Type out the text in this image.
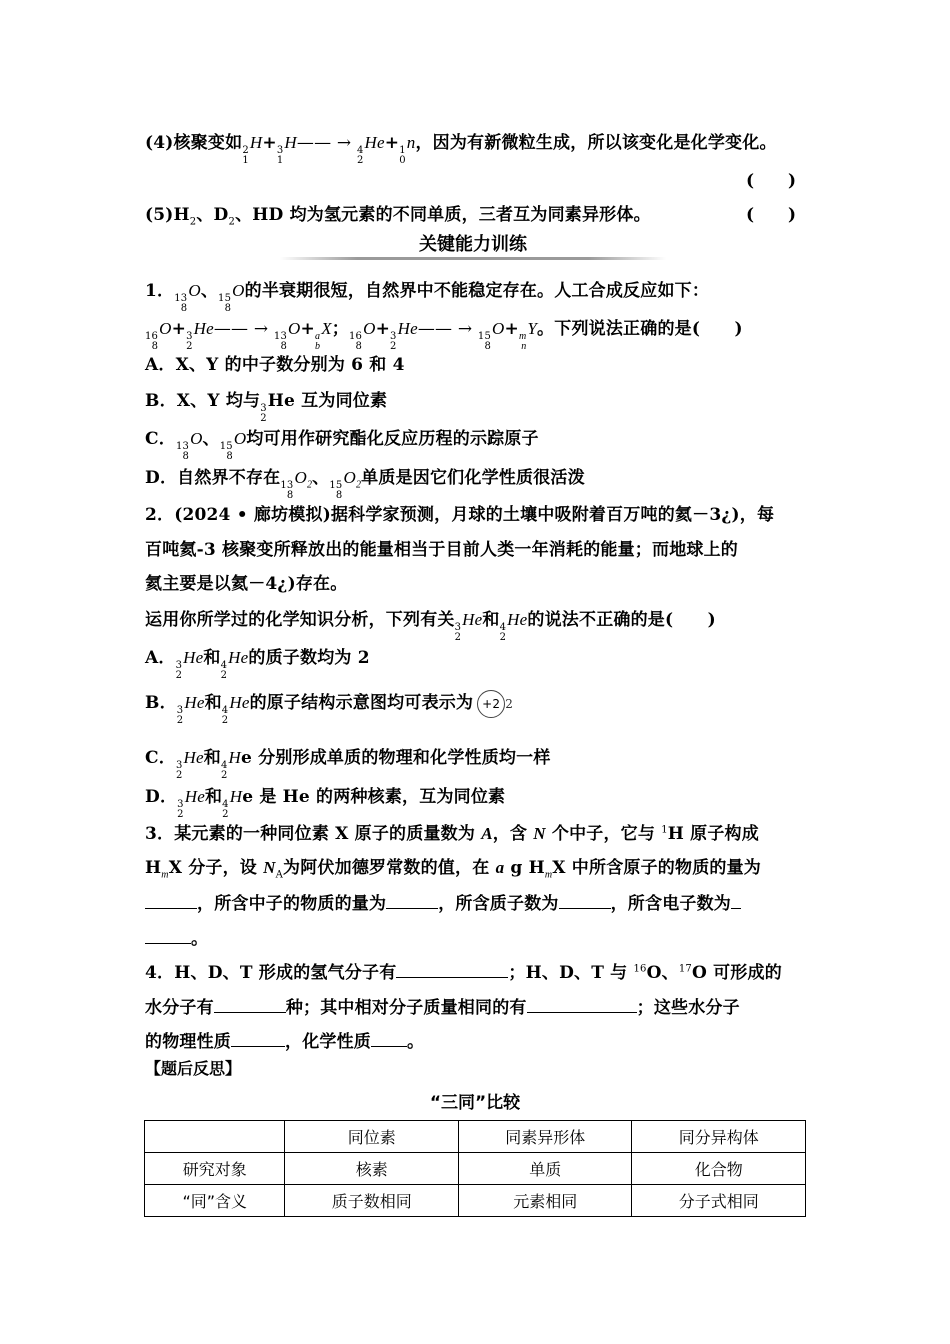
(4)核聚变如 2
1
H+ 3
1
H—— → 4
2
He+ 1
0
n，因为有新微粒生成，所以该变化是化学变化。
(　　)
$(5)H_2$、$D_2$、HD 均为氢元素的不同单质，三者互为同素异形体。	(　　)
关键能力训练
1． 13
8
O、 15
8
O的半衰期很短，自然界中不能稳定存在。人工合成反应如下：
16
8
O+ 3
2
He—— → 13
8
O+ a
b
X； 16
8
O+ 3
2
He—— → 15
8
O+ m
n
Y。下列说法正确的是(　　)
A．X、Y 的中子数分别为 6 和 4
B．X、Y 均与 3
2
He 互为同位素
C． 13
8
O、 15
8
O均可用作研究酯化反应历程的示踪原子
D．自然界不存在 13
8
$O_2$、 15
8
$O_2$单质是因它们化学性质很活泼
2．(2024 • 廊坊模拟)据科学家预测，月球的土壤中吸附着百万吨的氦－3¿)，每
百吨氦-3 核聚变所释放出的能量相当于目前人类一年消耗的能量；而地球上的
氦主要是以氦－4¿)存在。
运用你所学过的化学知识分析，下列有关 3
2
He和 4
2
He的说法不正确的是(　　)
A． 3
2
He和 4
2
He的质子数均为 2
B． 3
2
He和 4
2
He的原子结构示意图均可表示为 +2 2
C． 3
2
He和 4
2
He 分别形成单质的物理和化学性质均一样
D． 3
2
He和 4
2
He 是 He 的两种核素，互为同位素
3．某元素的一种同位素 X 原子的质量数为 A，含 N 个中子，它与 $^1$H 原子构成
$H_mX$ 分子，设 $N_A$为阿伏加德罗常数的值，在 a g $H_mX$ 中所含原子的物质的量为
，所含中子的物质的量为	，所含质子数为	，所含电子数为
。
4．H、D、T 形成的氢气分子有	；H、D、T 与 $^{16}$O、$^{17}$O 可形成的
水分子有	种；其中相对分子质量相同的有	；这些水分子
的物理性质	，化学性质 。
【题后反思】
“三同”比较
	同位素	同素异形体	同分异构体
研究对象	核素	单质	化合物
“同”含义	质子数相同	元素相同	分子式相同
